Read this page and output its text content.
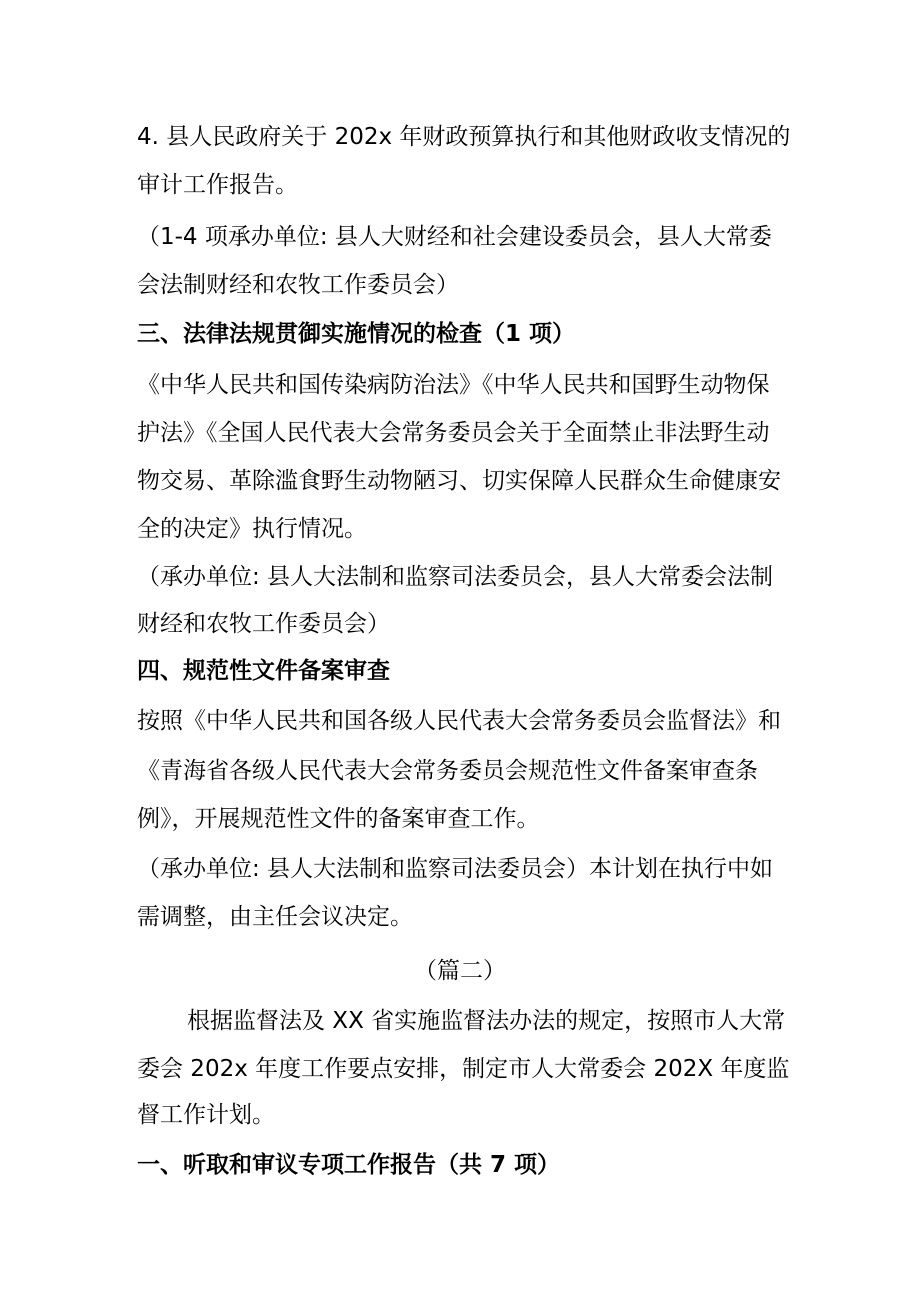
4. 县人民政府关于 202x 年财政预算执行和其他财政收支情况的
审计工作报告。
（1-4 项承办单位: 县人大财经和社会建设委员会，县人大常委
会法制财经和农牧工作委员会）
三、法律法规贯御实施情况的检查（1 项）
《中华人民共和国传染病防治法》《中华人民共和国野生动物保
护法》《全国人民代表大会常务委员会关于全面禁止非法野生动
物交易、革除滥食野生动物陋习、切实保障人民群众生命健康安
全的决定》执行情况。
（承办单位: 县人大法制和监察司法委员会，县人大常委会法制
财经和农牧工作委员会）
四、规范性文件备案审查
按照《中华人民共和国各级人民代表大会常务委员会监督法》和
《青海省各级人民代表大会常务委员会规范性文件备案审查条
例》，开展规范性文件的备案审查工作。
（承办单位: 县人大法制和监察司法委员会）本计划在执行中如
需调整，由主任会议决定。
（篇二）
根据监督法及 XX 省实施监督法办法的规定，按照市人大常
委会 202x 年度工作要点安排，制定市人大常委会 202X 年度监
督工作计划。
一、听取和审议专项工作报告（共 7 项）
